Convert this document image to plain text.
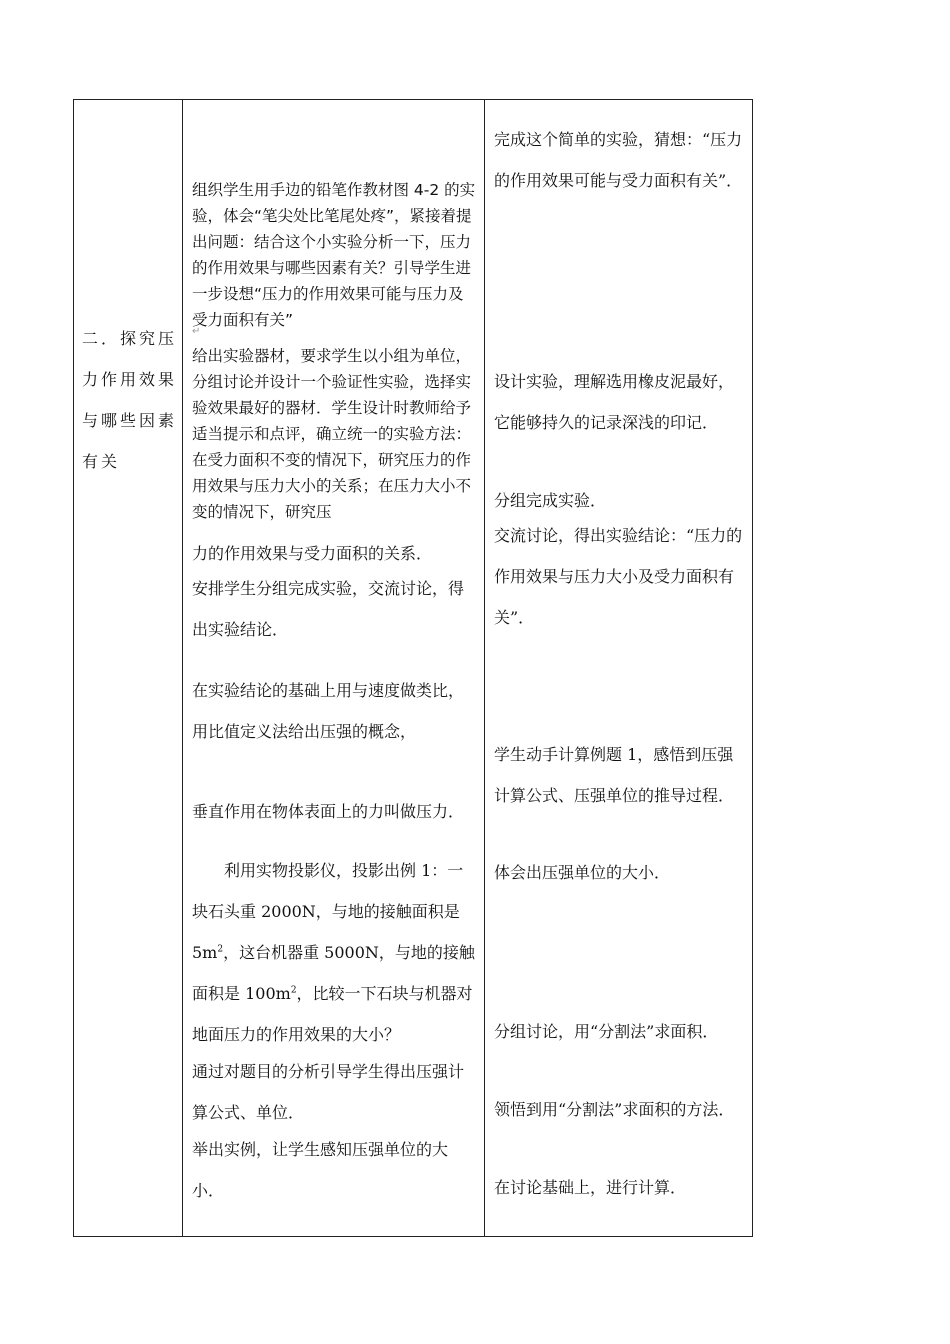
二．探究压力作用效果与哪些因素有关

组织学生用手边的铅笔作教材图 4-2 的实验，体会“笔尖处比笔尾处疼”，紧接着提出问题：结合这个小实验分析一下，压力的作用效果与哪些因素有关？引导学生进一步设想“压力的作用效果可能与压力及受力面积有关”

↵

给出实验器材，要求学生以小组为单位，分组讨论并设计一个验证性实验，选择实验效果最好的器材．学生设计时教师给予适当提示和点评，确立统一的实验方法：在受力面积不变的情况下，研究压力的作用效果与压力大小的关系；在压力大小不变的情况下，研究压

力的作用效果与受力面积的关系．

安排学生分组完成实验，交流讨论，得出实验结论．

在实验结论的基础上用与速度做类比，用比值定义法给出压强的概念，

垂直作用在物体表面上的力叫做压力．

利用实物投影仪，投影出例 1：一块石头重 2000N，与地的接触面积是 $5m^2$，这台机器重 5000N，与地的接触面积是 $100m^2$，比较一下石块与机器对地面压力的作用效果的大小？

通过对题目的分析引导学生得出压强计算公式、单位．

举出实例，让学生感知压强单位的大小．

完成这个简单的实验，猜想：“压力的作用效果可能与受力面积有关”．

设计实验，理解选用橡皮泥最好，它能够持久的记录深浅的印记．

分组完成实验．

交流讨论，得出实验结论：“压力的作用效果与压力大小及受力面积有关”．

学生动手计算例题 1，感悟到压强计算公式、压强单位的推导过程．

体会出压强单位的大小．

分组讨论，用“分割法”求面积．

领悟到用“分割法”求面积的方法．

在讨论基础上，进行计算．
